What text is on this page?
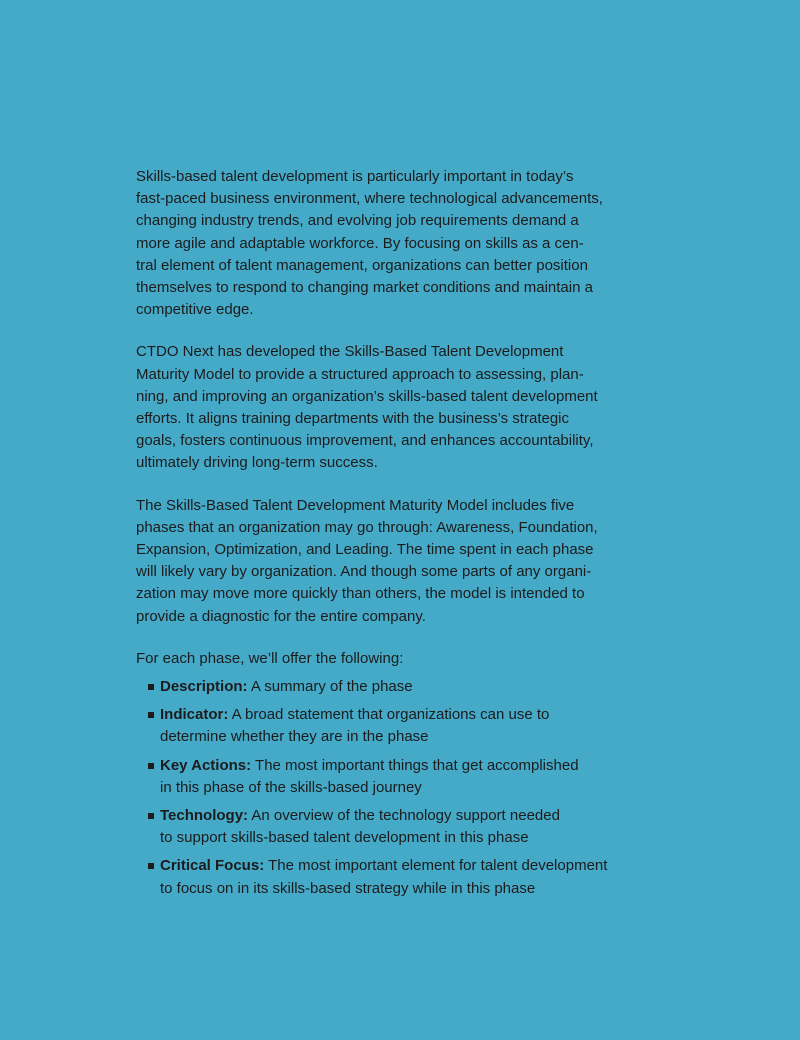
Skills-based talent development is particularly important in today’s
fast-paced business environment, where technological advancements,
changing industry trends, and evolving job requirements demand a
more agile and adaptable workforce. By focusing on skills as a cen-
tral element of talent management, organizations can better position
themselves to respond to changing market conditions and maintain a
competitive edge.

CTDO Next has developed the Skills-Based Talent Development
Maturity Model to provide a structured approach to assessing, plan-
ning, and improving an organization’s skills-based talent development
efforts. It aligns training departments with the business’s strategic
goals, fosters continuous improvement, and enhances accountability,
ultimately driving long-term success.

The Skills-Based Talent Development Maturity Model includes five
phases that an organization may go through: Awareness, Foundation,
Expansion, Optimization, and Leading. The time spent in each phase
will likely vary by organization. And though some parts of any organi-
zation may move more quickly than others, the model is intended to
provide a diagnostic for the entire company.

For each phase, we’ll offer the following:

Description: A summary of the phase
Indicator: A broad statement that organizations can use to
determine whether they are in the phase
Key Actions: The most important things that get accomplished
in this phase of the skills-based journey
Technology: An overview of the technology support needed
to support skills-based talent development in this phase
Critical Focus: The most important element for talent development
to focus on in its skills-based strategy while in this phase
